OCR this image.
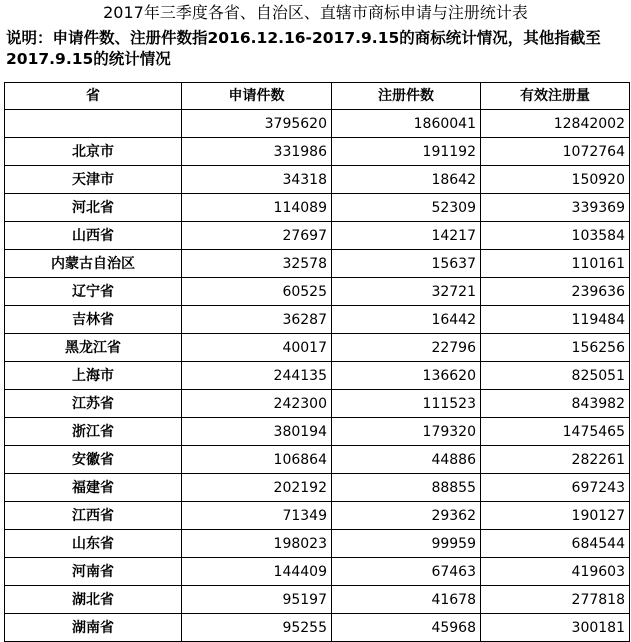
2017年三季度各省、自治区、直辖市商标申请与注册统计表
说明：申请件数、注册件数指2016.12.16-2017.9.15的商标统计情况，其他指截至
2017.9.15的统计情况
省	申请件数	注册件数	有效注册量
	3795620	1860041	12842002
北京市	331986	191192	1072764
天津市	34318	18642	150920
河北省	114089	52309	339369
山西省	27697	14217	103584
内蒙古自治区	32578	15637	110161
辽宁省	60525	32721	239636
吉林省	36287	16442	119484
黑龙江省	40017	22796	156256
上海市	244135	136620	825051
江苏省	242300	111523	843982
浙江省	380194	179320	1475465
安徽省	106864	44886	282261
福建省	202192	88855	697243
江西省	71349	29362	190127
山东省	198023	99959	684544
河南省	144409	67463	419603
湖北省	95197	41678	277818
湖南省	95255	45968	300181
